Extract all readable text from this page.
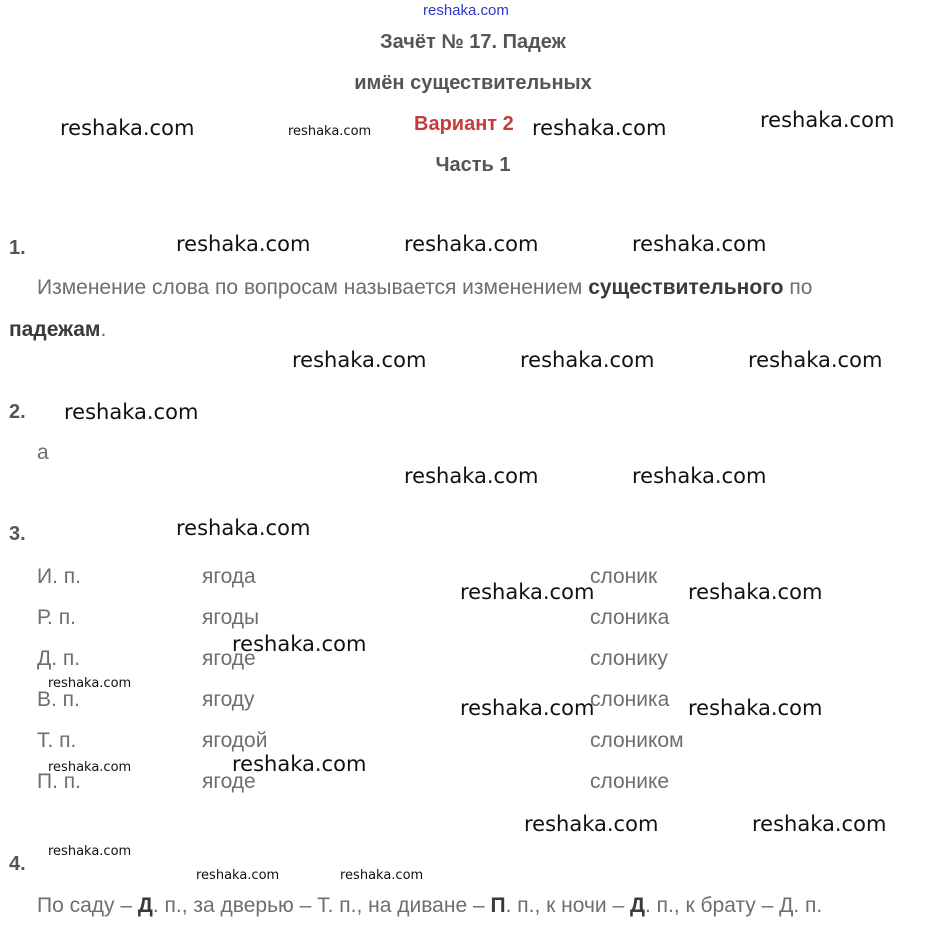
reshaka.com
Зачёт № 17. Падеж
имён существительных
Вариант 2
Часть 1
1.
Изменение слова по вопросам называется изменением существительного по
падежам.
2.
а
3.
И. п.	ягода	слоник
Р. п.	ягоды	слоника
Д. п.	ягоде	слонику
В. п.	ягоду	слоника
Т. п.	ягодой	слоником
П. п.	ягоде	слонике
4.
По саду – Д. п., за дверью – Т. п., на диване – П. п., к ночи – Д. п., к брату – Д. п.
reshaka.com	reshaka.com	reshaka.com
reshaka.com	reshaka.com	reshaka.com
reshaka.com	reshaka.com	reshaka.com
reshaka.com
reshaka.com	reshaka.com
reshaka.com
reshaka.com	reshaka.com
reshaka.com
reshaka.com	reshaka.com
reshaka.com
reshaka.com	reshaka.com
reshaka.com
reshaka.com
reshaka.com
reshaka.com
reshaka.com	reshaka.com
